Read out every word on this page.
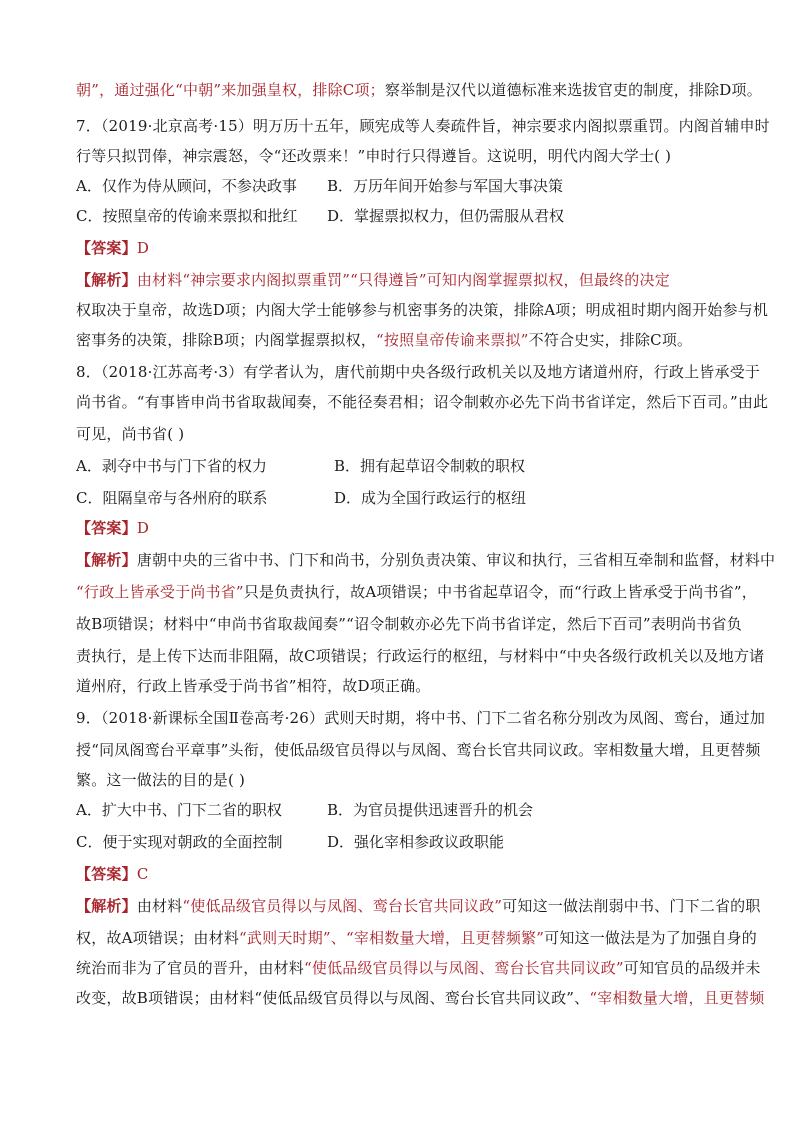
朝”，通过强化“中朝”来加强皇权，排除C项；察举制是汉代以道德标准来选拔官吏的制度，排除D项。
7．（2019·北京高考·15）明万历十五年，顾宪成等人奏疏件旨，神宗要求内阁拟票重罚。内阁首辅申时
行等只拟罚俸，神宗震怒，令“还改票来！”申时行只得遵旨。这说明，明代内阁大学士( )
A．仅作为侍从顾问，不参决政事 B．万历年间开始参与军国大事决策
C．按照皇帝的传谕来票拟和批红 D．掌握票拟权力，但仍需服从君权
【答案】D
【解析】由材料“神宗要求内阁拟票重罚”“只得遵旨”可知内阁掌握票拟权，但最终的决定
权取决于皇帝，故选D项；内阁大学士能够参与机密事务的决策，排除A项；明成祖时期内阁开始参与机
密事务的决策，排除B项；内阁掌握票拟权，“按照皇帝传谕来票拟”不符合史实，排除C项。
8．（2018·江苏高考·3）有学者认为，唐代前期中央各级行政机关以及地方诸道州府，行政上皆承受于
尚书省。“有事皆申尚书省取裁闻奏，不能径奏君相；诏令制敕亦必先下尚书省详定，然后下百司。”由此
可见，尚书省( )
A．剥夺中书与门下省的权力	B．拥有起草诏令制敕的职权
C．阻隔皇帝与各州府的联系	D．成为全国行政运行的枢纽
【答案】D
【解析】唐朝中央的三省中书、门下和尚书，分别负责决策、审议和执行，三省相互牵制和监督，材料中
“行政上皆承受于尚书省”只是负责执行，故A项错误；中书省起草诏令，而“行政上皆承受于尚书省”，
故B项错误；材料中“申尚书省取裁闻奏”“诏令制敕亦必先下尚书省详定，然后下百司”表明尚书省负
责执行，是上传下达而非阻隔，故C项错误；行政运行的枢纽，与材料中“中央各级行政机关以及地方诸
道州府，行政上皆承受于尚书省”相符，故D项正确。
9．（2018·新课标全国Ⅱ卷高考·26）武则天时期，将中书、门下二省名称分别改为凤阁、鸾台，通过加
授“同凤阁鸾台平章事”头衔，使低品级官员得以与凤阁、鸾台长官共同议政。宰相数量大增，且更替频
繁。这一做法的目的是( )
A．扩大中书、门下二省的职权	B．为官员提供迅速晋升的机会
C．便于实现对朝政的全面控制	D．强化宰相参政议政职能
【答案】C
【解析】由材料“使低品级官员得以与凤阁、鸾台长官共同议政”可知这一做法削弱中书、门下二省的职
权，故A项错误；由材料“武则天时期”、“宰相数量大增，且更替频繁”可知这一做法是为了加强自身的
统治而非为了官员的晋升，由材料“使低品级官员得以与凤阁、鸾台长官共同议政”可知官员的品级并未
改变，故B项错误；由材料“使低品级官员得以与凤阁、鸾台长官共同议政”、“宰相数量大增，且更替频
